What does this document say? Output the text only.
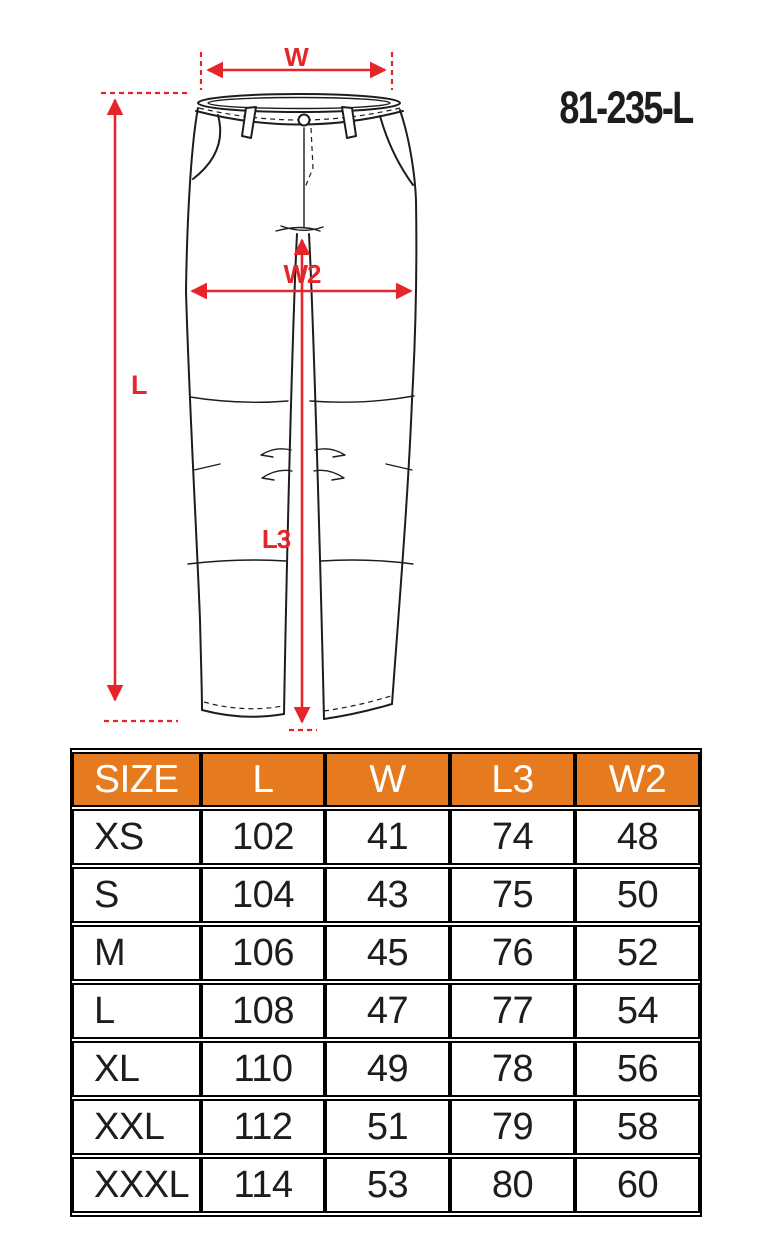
81-235-L
W
L
W2
L3
SIZE	L	W	L3	W2
XS	102	41	74	48
S	104	43	75	50
M	106	45	76	52
L	108	47	77	54
XL	110	49	78	56
XXL	112	51	79	58
XXXL	114	53	80	60
